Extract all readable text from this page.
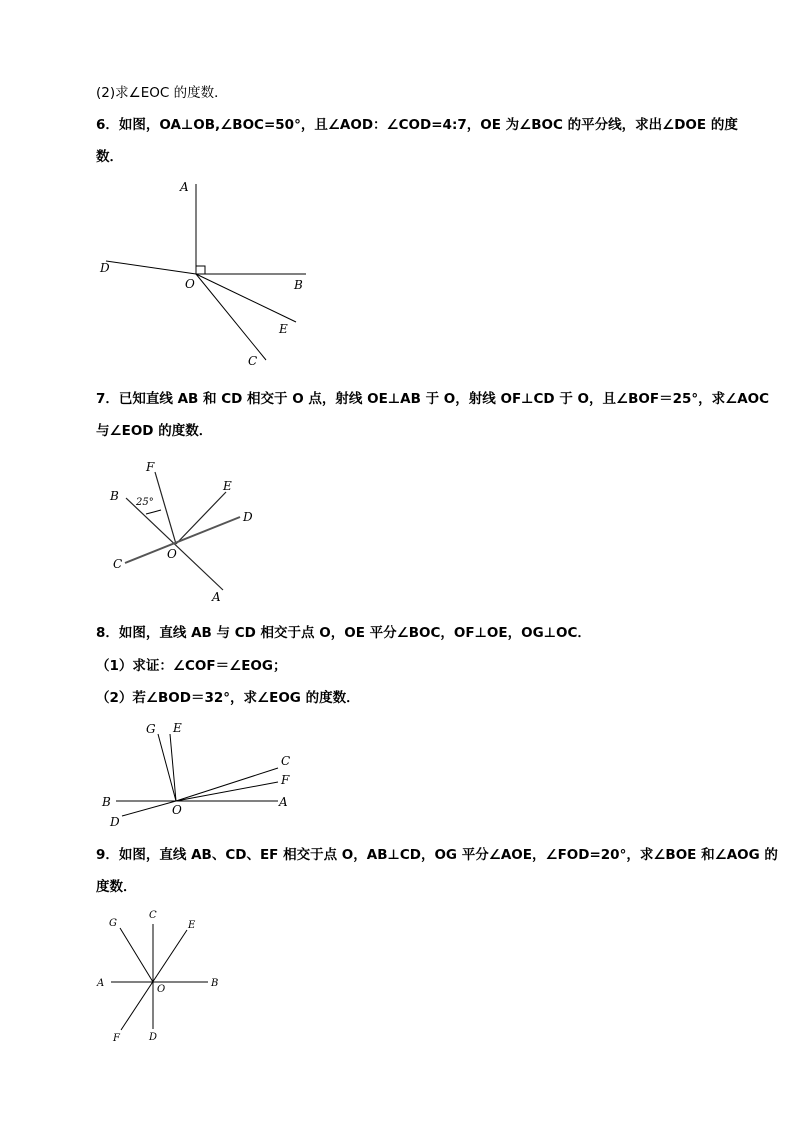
(2)求∠EOC 的度数．
6．如图，OA⊥OB,∠BOC=50°，且∠AOD：∠COD=4:7，OE 为∠BOC 的平分线，求出∠DOE 的度
数．
A
D
O	B
E
C
7．已知直线 AB 和 CD 相交于 O 点，射线 OE⊥AB 于 O，射线 OF⊥CD 于 O，且∠BOF＝25°，求∠AOC
与∠EOD 的度数．
F
B 25°
E
D
C
O
A
8．如图，直线 AB 与 CD 相交于点 O，OE 平分∠BOC，OF⊥OE，OG⊥OC．
（1）求证：∠COF＝∠EOG；
（2）若∠BOD＝32°，求∠EOG 的度数．
G E
C
F
B
O
A
D
9．如图，直线 AB、CD、EF 相交于点 O，AB⊥CD，OG 平分∠AOE，∠FOD=20°，求∠BOE 和∠AOG 的
度数．
G
C
E
A
O
B
F	D
